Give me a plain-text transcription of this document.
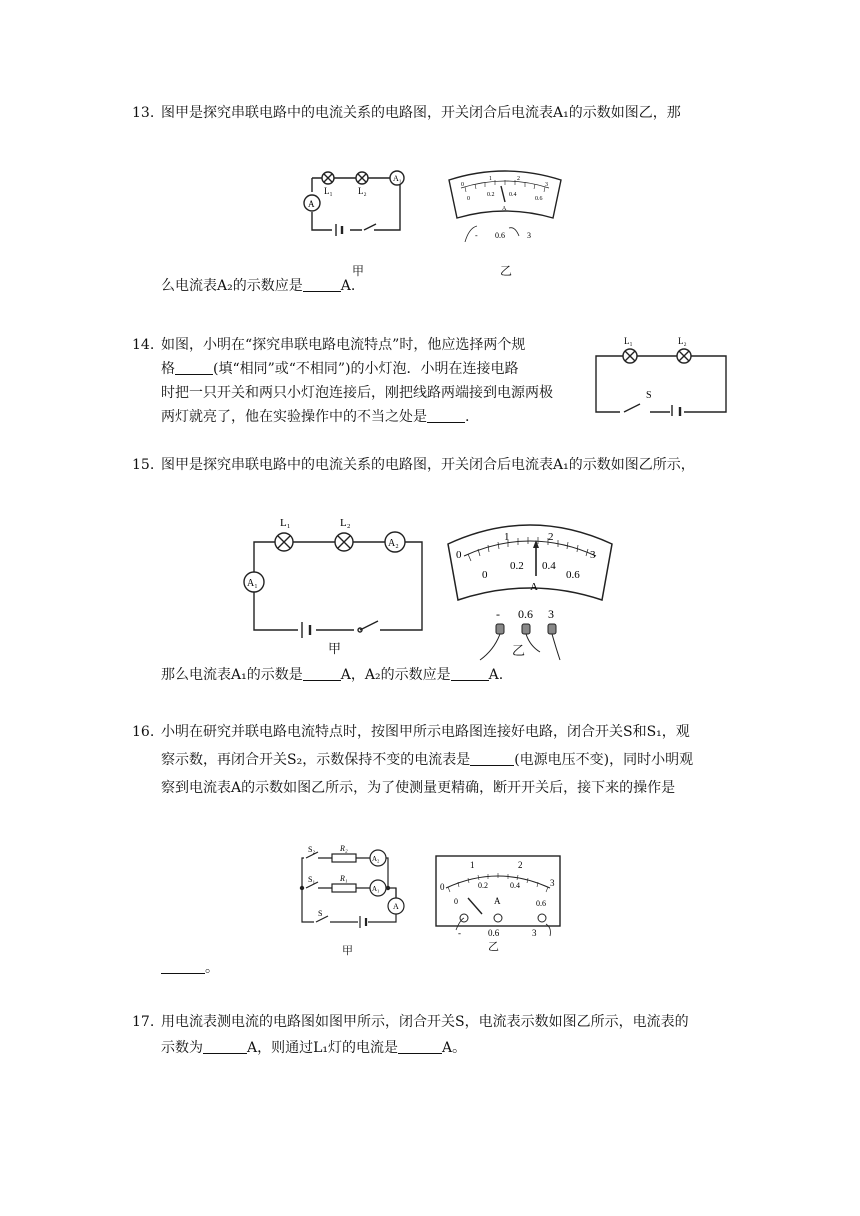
13. 图甲是探究串联电路中的电流关系的电路图，开关闭合后电流表A₁的示数如图乙，那
么电流表A₂的示数应是	A.
L₁	L₂
A₁
A
甲
0
1	2
3
0
0.2 0.4
0.6
A
- 0.6	3
乙
14. 如图，小明在“探究串联电路电流特点”时，他应选择两个规
格	(填“相同”或“不相同”)的小灯泡．小明在连接电路
时把一只开关和两只小灯泡连接后，刚把线路两端接到电源两极
两灯就亮了，他在实验操作中的不当之处是	.
L₁	L₂
S
15. 图甲是探究串联电路中的电流关系的电路图，开关闭合后电流表A₁的示数如图乙所示，
那么电流表A₁的示数是	A，A₂的示数应是	A.
L₁	L₂
A₂
A₁
甲
0
1	2
3
0
0.2 0.4
0.6
A
- 0.6 3
乙
16. 小明在研究并联电路电流特点时，按图甲所示电路图连接好电路，闭合开关S和S₁，观
察示数，再闭合开关S₂，示数保持不变的电流表是	(电源电压不变)，同时小明观
察到电流表A的示数如图乙所示，为了使测量更精确，断开开关后，接下来的操作是
。
S₂
S₁
S
R₂
R₁
A₂
A₁
A
甲
0
1	2
3
0
0.2	0.4
0.6
A
-	0.6	3
乙
17. 用电流表测电流的电路图如图甲所示，闭合开关S，电流表示数如图乙所示，电流表的
示数为	A，则通过L₁灯的电流是	A。
